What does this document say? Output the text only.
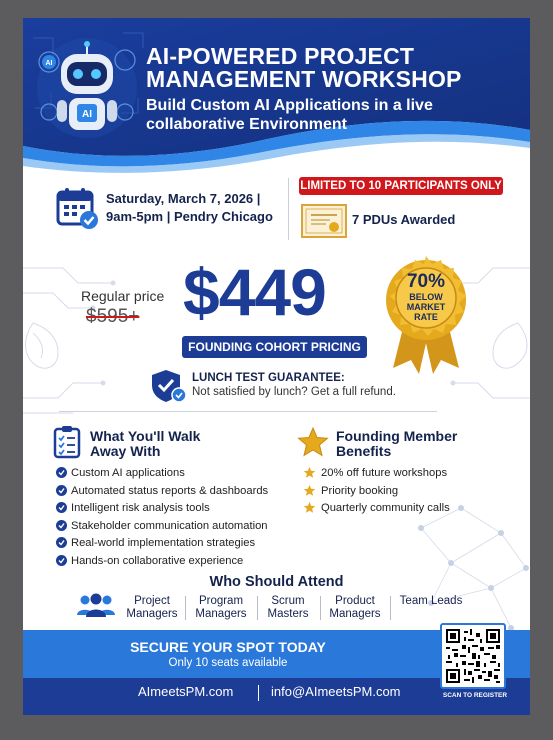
AI
AI	AI-POWERED PROJECT
MANAGEMENT WORKSHOP
Build Custom AI Applications in a live
collaborative Environment
Saturday, March 7, 2026 |
9am-5pm | Pendry Chicago
LIMITED TO 10 PARTICIPANTS ONLY
7 PDUs Awarded
Regular price
$595+ $449
FOUNDING COHORT PRICING
70%
BELOW
MARKET
RATE
LUNCH TEST GUARANTEE:
Not satisfied by lunch? Get a full refund.
What You'll Walk
Away With
Custom AI applications
Automated status reports & dashboards
Intelligent risk analysis tools
Stakeholder communication automation
Real-world implementation strategies
Hands-on collaborative experience
Founding Member
Benefits
20% off future workshops
Priority booking
Quarterly community calls
Who Should Attend
Project
Managers
Program
Managers
Scrum
Masters
Product
Managers
Team Leads
SECURE YOUR SPOT TODAY
Only 10 seats available
AImeetsPM.com	info@AImeetsPM.com	SCAN TO REGISTER
